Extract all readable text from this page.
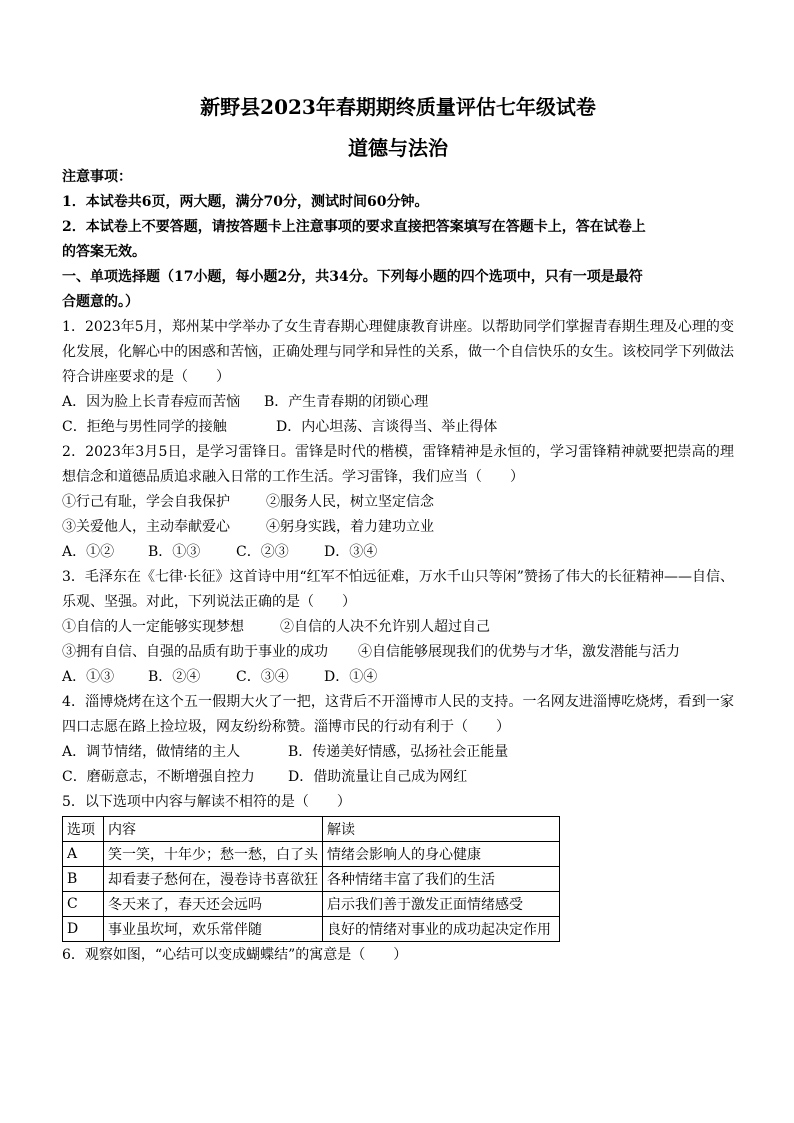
新野县2023年春期期终质量评估七年级试卷
道德与法治
注意事项：
1．本试卷共6页，两大题，满分70分，测试时间60分钟。
2．本试卷上不要答题，请按答题卡上注意事项的要求直接把答案填写在答题卡上，答在试卷上
的答案无效。
一、单项选择题（17小题，每小题2分，共34分。下列每小题的四个选项中，只有一项是最符
合题意的。）
1．2023年5月，郑州某中学举办了女生青春期心理健康教育讲座。以帮助同学们掌握青春期生理及心理的变化发展，化解心中的困惑和苦恼，正确处理与同学和异性的关系，做一个自信快乐的女生。该校同学下列做法符合讲座要求的是（　　）
A．因为脸上长青春痘而苦恼	B．产生青春期的闭锁心理
C．拒绝与男性同学的接触	D．内心坦荡、言谈得当、举止得体
2．2023年3月5日，是学习雷锋日。雷锋是时代的楷模，雷锋精神是永恒的，学习雷锋精神就要把崇高的理想信念和道德品质追求融入日常的工作生活。学习雷锋，我们应当（　　）
①行己有耻，学会自我保护	②服务人民，树立坚定信念
③关爱他人，主动奉献爱心	④躬身实践，着力建功立业
A．①②	B．①③	C．②③	D．③④
3．毛泽东在《七律·长征》这首诗中用“红军不怕远征难，万水千山只等闲”赞扬了伟大的长征精神——自信、乐观、坚强。对此，下列说法正确的是（　　）
①自信的人一定能够实现梦想	②自信的人决不允许别人超过自己
③拥有自信、自强的品质有助于事业的成功	④自信能够展现我们的优势与才华，激发潜能与活力
A．①③	B．②④	C．③④	D．①④
4．淄博烧烤在这个五一假期大火了一把，这背后不开淄博市人民的支持。一名网友进淄博吃烧烤，看到一家四口志愿在路上捡垃圾，网友纷纷称赞。淄博市民的行动有利于（　　）
A．调节情绪，做情绪的主人	B．传递美好情感，弘扬社会正能量
C．磨砺意志，不断增强自控力	D．借助流量让自己成为网红
5．以下选项中内容与解读不相符的是（　　）
选项	内容	解读
A	笑一笑，十年少；愁一愁，白了头	情绪会影响人的身心健康
B	却看妻子愁何在，漫卷诗书喜欲狂	各种情绪丰富了我们的生活
C	冬天来了，春天还会远吗	启示我们善于激发正面情绪感受
D	事业虽坎坷，欢乐常伴随	良好的情绪对事业的成功起决定作用
6．观察如图，“心结可以变成蝴蝶结”的寓意是（　　）
